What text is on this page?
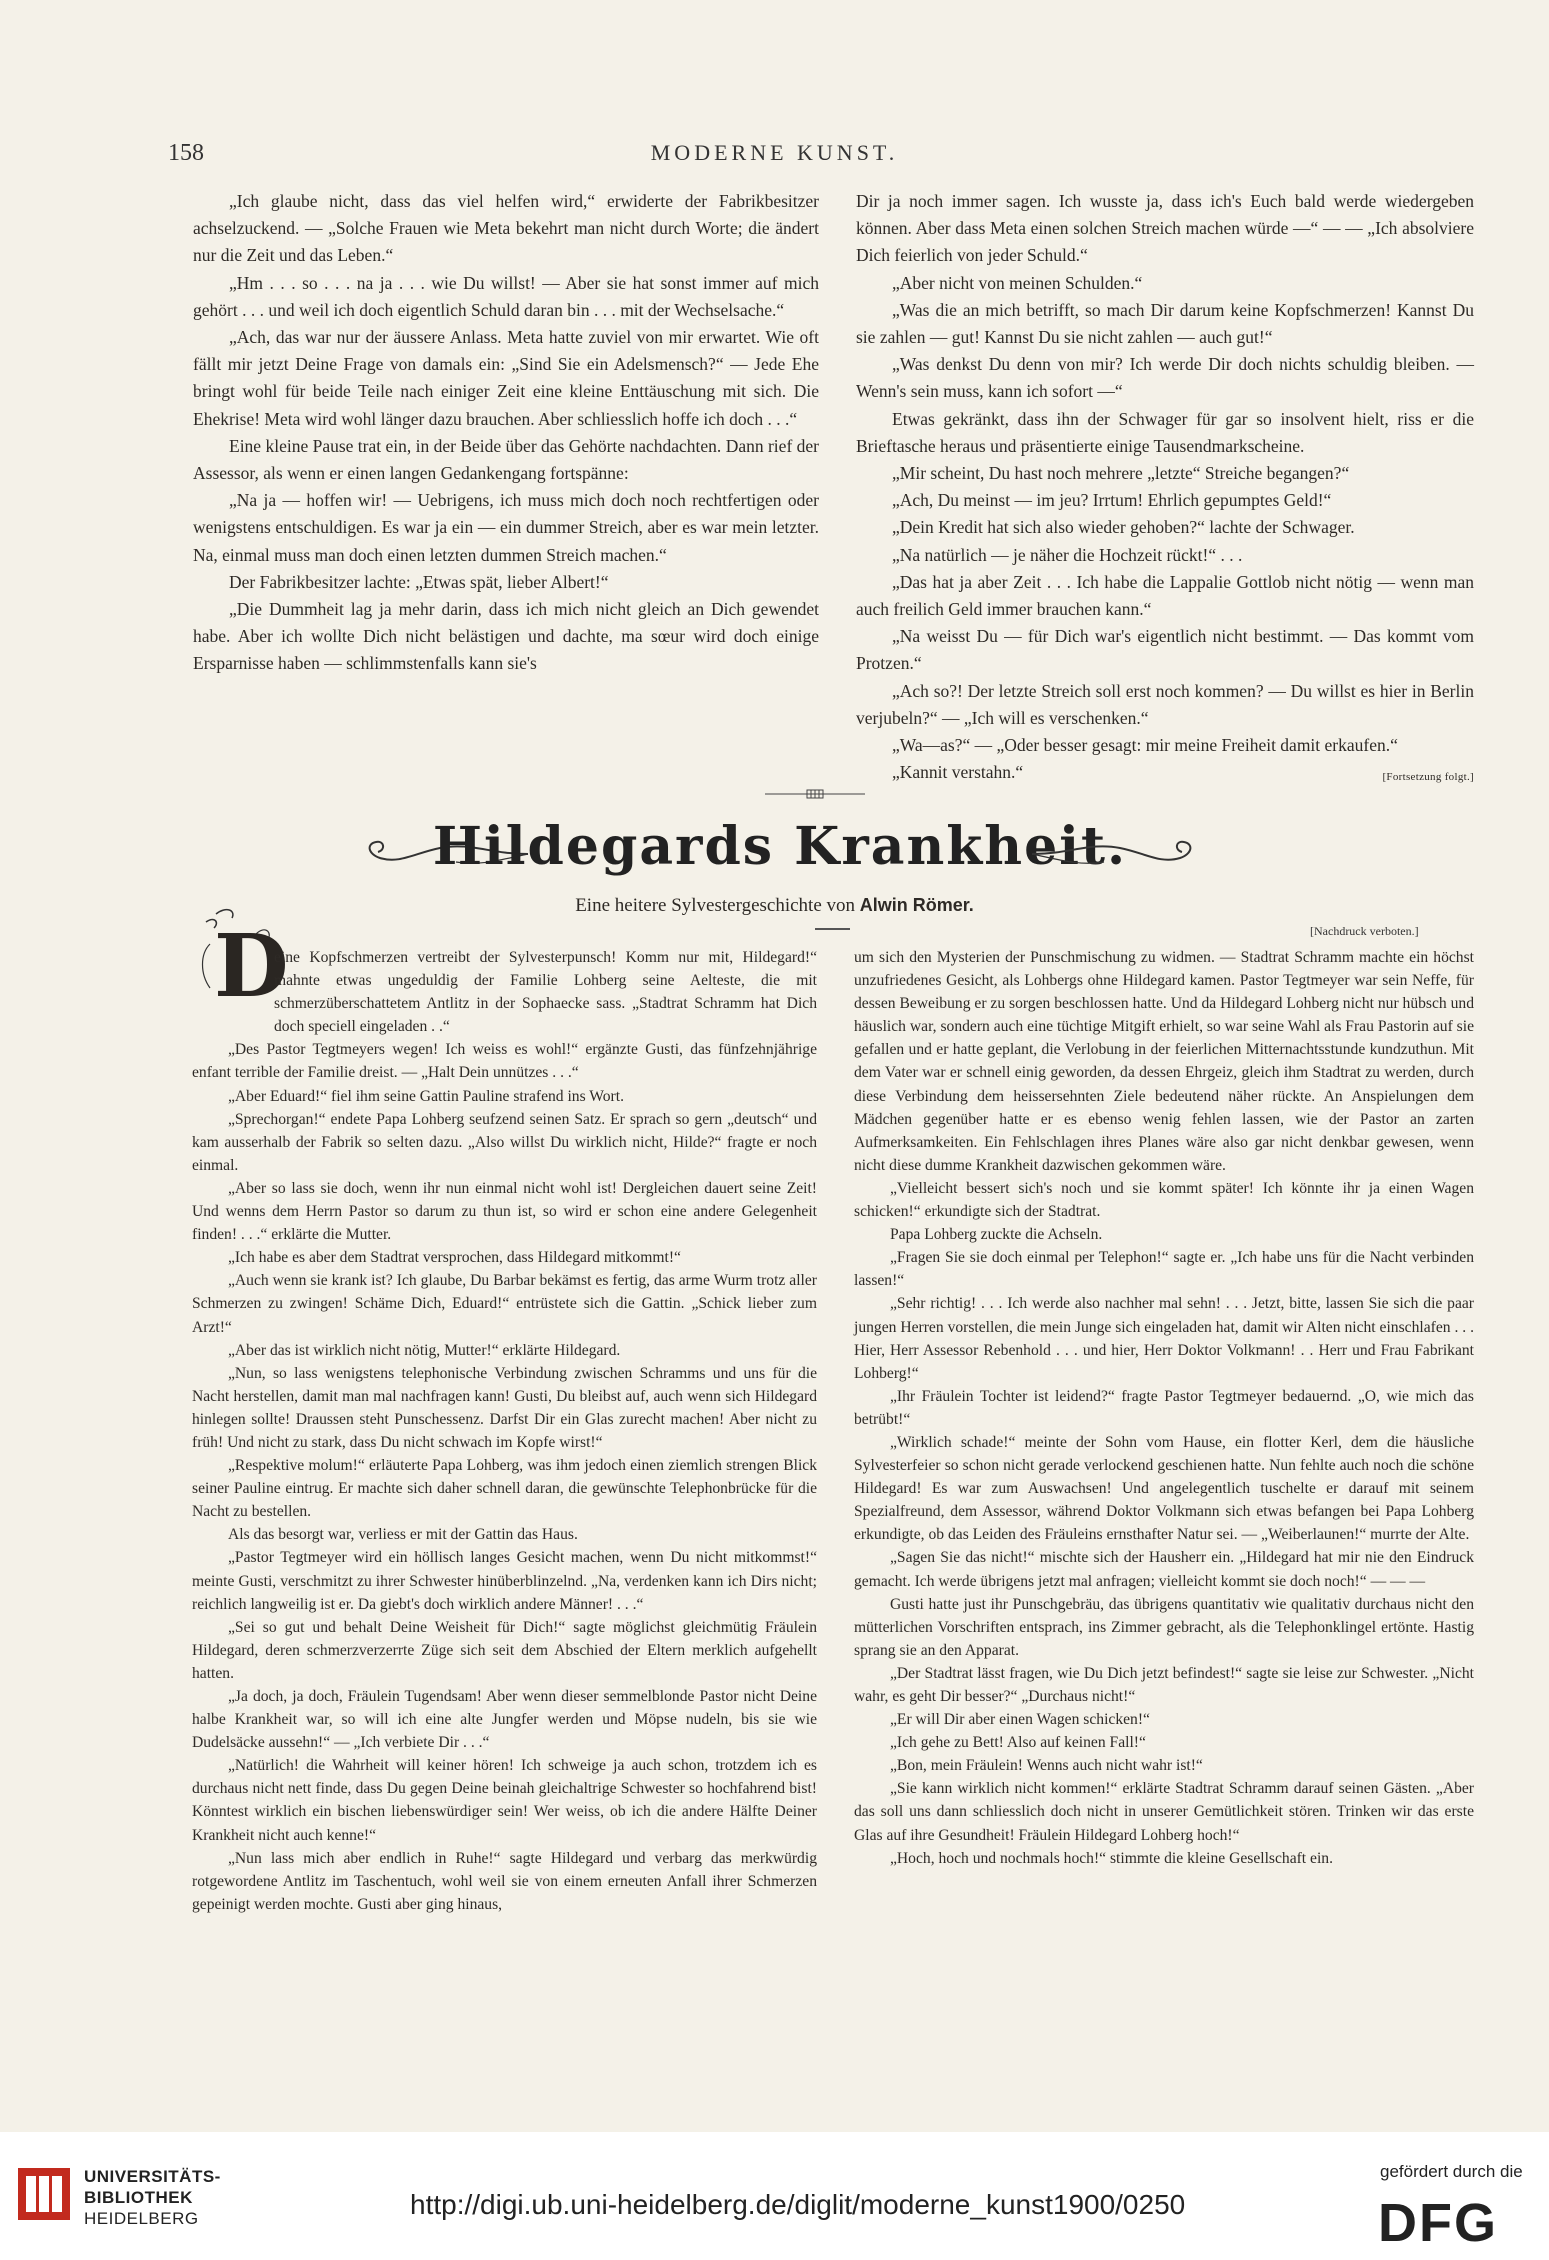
158	MODERNE KUNST.

„Ich glaube nicht, dass das viel helfen wird,“ erwiderte der Fabrikbesitzer achselzuckend. — „Solche Frauen wie Meta bekehrt man nicht durch Worte; die ändert nur die Zeit und das Leben.“

„Hm . . . so . . . na ja . . . wie Du willst! — Aber sie hat sonst immer auf mich gehört . . . und weil ich doch eigentlich Schuld daran bin . . . mit der Wechselsache.“

„Ach, das war nur der äussere Anlass. Meta hatte zuviel von mir erwartet. Wie oft fällt mir jetzt Deine Frage von damals ein: „Sind Sie ein Adelsmensch?“ — Jede Ehe bringt wohl für beide Teile nach einiger Zeit eine kleine Enttäuschung mit sich. Die Ehekrise! Meta wird wohl länger dazu brauchen. Aber schliesslich hoffe ich doch . . .“

Eine kleine Pause trat ein, in der Beide über das Gehörte nachdachten. Dann rief der Assessor, als wenn er einen langen Gedankengang fortspänne:

„Na ja — hoffen wir! — Uebrigens, ich muss mich doch noch rechtfertigen oder wenigstens entschuldigen. Es war ja ein — ein dummer Streich, aber es war mein letzter. Na, einmal muss man doch einen letzten dummen Streich machen.“

Der Fabrikbesitzer lachte: „Etwas spät, lieber Albert!“

„Die Dummheit lag ja mehr darin, dass ich mich nicht gleich an Dich gewendet habe. Aber ich wollte Dich nicht belästigen und dachte, ma sœur wird doch einige Ersparnisse haben — schlimmstenfalls kann sie's

Dir ja noch immer sagen. Ich wusste ja, dass ich's Euch bald werde wiedergeben können. Aber dass Meta einen solchen Streich machen würde —“ — — „Ich absolviere Dich feierlich von jeder Schuld.“

„Aber nicht von meinen Schulden.“

„Was die an mich betrifft, so mach Dir darum keine Kopfschmerzen! Kannst Du sie zahlen — gut! Kannst Du sie nicht zahlen — auch gut!“

„Was denkst Du denn von mir? Ich werde Dir doch nichts schuldig bleiben. — Wenn's sein muss, kann ich sofort —“

Etwas gekränkt, dass ihn der Schwager für gar so insolvent hielt, riss er die Brieftasche heraus und präsentierte einige Tausendmarkscheine.

„Mir scheint, Du hast noch mehrere „letzte“ Streiche begangen?“

„Ach, Du meinst — im jeu? Irrtum! Ehrlich gepumptes Geld!“

„Dein Kredit hat sich also wieder gehoben?“ lachte der Schwager.

„Na natürlich — je näher die Hochzeit rückt!“ . . .

„Das hat ja aber Zeit . . . Ich habe die Lappalie Gottlob nicht nötig — wenn man auch freilich Geld immer brauchen kann.“

„Na weisst Du — für Dich war's eigentlich nicht bestimmt. — Das kommt vom Protzen.“

„Ach so?! Der letzte Streich soll erst noch kommen? — Du willst es hier in Berlin verjubeln?“ — „Ich will es verschenken.“

„Wa—as?“ — „Oder besser gesagt: mir meine Freiheit damit erkaufen.“

„Kannit verstahn.“	[Fortsetzung folgt.]
Hildegards Krankheit.
Eine heitere Sylvestergeschichte von Alwin Römer.
[Nachdruck verboten.]
D

eine Kopfschmerzen vertreibt der Sylvesterpunsch! Komm nur mit, Hildegard!“ mahnte etwas ungeduldig der Familie Lohberg seine Aelteste, die mit schmerzüberschattetem Antlitz in der Sophaecke sass. „Stadtrat Schramm hat Dich doch speciell eingeladen . .“

„Des Pastor Tegtmeyers wegen! Ich weiss es wohl!“ ergänzte Gusti, das fünfzehnjährige enfant terrible der Familie dreist. — „Halt Dein unnützes . . .“

„Aber Eduard!“ fiel ihm seine Gattin Pauline strafend ins Wort.

„Sprechorgan!“ endete Papa Lohberg seufzend seinen Satz. Er sprach so gern „deutsch“ und kam ausserhalb der Fabrik so selten dazu. „Also willst Du wirklich nicht, Hilde?“ fragte er noch einmal.

„Aber so lass sie doch, wenn ihr nun einmal nicht wohl ist! Dergleichen dauert seine Zeit! Und wenns dem Herrn Pastor so darum zu thun ist, so wird er schon eine andere Gelegenheit finden! . . .“ erklärte die Mutter.

„Ich habe es aber dem Stadtrat versprochen, dass Hildegard mitkommt!“

„Auch wenn sie krank ist? Ich glaube, Du Barbar bekämst es fertig, das arme Wurm trotz aller Schmerzen zu zwingen! Schäme Dich, Eduard!“ entrüstete sich die Gattin. „Schick lieber zum Arzt!“

„Aber das ist wirklich nicht nötig, Mutter!“ erklärte Hildegard.

„Nun, so lass wenigstens telephonische Verbindung zwischen Schramms und uns für die Nacht herstellen, damit man mal nachfragen kann! Gusti, Du bleibst auf, auch wenn sich Hildegard hinlegen sollte! Draussen steht Punschessenz. Darfst Dir ein Glas zurecht machen! Aber nicht zu früh! Und nicht zu stark, dass Du nicht schwach im Kopfe wirst!“

„Respektive molum!“ erläuterte Papa Lohberg, was ihm jedoch einen ziemlich strengen Blick seiner Pauline eintrug. Er machte sich daher schnell daran, die gewünschte Telephonbrücke für die Nacht zu bestellen.

Als das besorgt war, verliess er mit der Gattin das Haus.

„Pastor Tegtmeyer wird ein höllisch langes Gesicht machen, wenn Du nicht mitkommst!“ meinte Gusti, verschmitzt zu ihrer Schwester hinüberblinzelnd. „Na, verdenken kann ich Dirs nicht; reichlich langweilig ist er. Da giebt's doch wirklich andere Männer! . . .“

„Sei so gut und behalt Deine Weisheit für Dich!“ sagte möglichst gleichmütig Fräulein Hildegard, deren schmerzverzerrte Züge sich seit dem Abschied der Eltern merklich aufgehellt hatten.

„Ja doch, ja doch, Fräulein Tugendsam! Aber wenn dieser semmelblonde Pastor nicht Deine halbe Krankheit war, so will ich eine alte Jungfer werden und Möpse nudeln, bis sie wie Dudelsäcke aussehn!“ — „Ich verbiete Dir . . .“

„Natürlich! die Wahrheit will keiner hören! Ich schweige ja auch schon, trotzdem ich es durchaus nicht nett finde, dass Du gegen Deine beinah gleichaltrige Schwester so hochfahrend bist! Könntest wirklich ein bischen liebenswürdiger sein! Wer weiss, ob ich die andere Hälfte Deiner Krankheit nicht auch kenne!“

„Nun lass mich aber endlich in Ruhe!“ sagte Hildegard und verbarg das merkwürdig rotgewordene Antlitz im Taschentuch, wohl weil sie von einem erneuten Anfall ihrer Schmerzen gepeinigt werden mochte. Gusti aber ging hinaus,

um sich den Mysterien der Punschmischung zu widmen. — Stadtrat Schramm machte ein höchst unzufriedenes Gesicht, als Lohbergs ohne Hildegard kamen. Pastor Tegtmeyer war sein Neffe, für dessen Beweibung er zu sorgen beschlossen hatte. Und da Hildegard Lohberg nicht nur hübsch und häuslich war, sondern auch eine tüchtige Mitgift erhielt, so war seine Wahl als Frau Pastorin auf sie gefallen und er hatte geplant, die Verlobung in der feierlichen Mitternachtsstunde kundzuthun. Mit dem Vater war er schnell einig geworden, da dessen Ehrgeiz, gleich ihm Stadtrat zu werden, durch diese Verbindung dem heissersehnten Ziele bedeutend näher rückte. An Anspielungen dem Mädchen gegenüber hatte er es ebenso wenig fehlen lassen, wie der Pastor an zarten Aufmerksamkeiten. Ein Fehlschlagen ihres Planes wäre also gar nicht denkbar gewesen, wenn nicht diese dumme Krankheit dazwischen gekommen wäre.

„Vielleicht bessert sich's noch und sie kommt später! Ich könnte ihr ja einen Wagen schicken!“ erkundigte sich der Stadtrat.

Papa Lohberg zuckte die Achseln.

„Fragen Sie sie doch einmal per Telephon!“ sagte er. „Ich habe uns für die Nacht verbinden lassen!“

„Sehr richtig! . . . Ich werde also nachher mal sehn! . . . Jetzt, bitte, lassen Sie sich die paar jungen Herren vorstellen, die mein Junge sich eingeladen hat, damit wir Alten nicht einschlafen . . . Hier, Herr Assessor Rebenhold . . . und hier, Herr Doktor Volkmann! . . Herr und Frau Fabrikant Lohberg!“

„Ihr Fräulein Tochter ist leidend?“ fragte Pastor Tegtmeyer bedauernd. „O, wie mich das betrübt!“

„Wirklich schade!“ meinte der Sohn vom Hause, ein flotter Kerl, dem die häusliche Sylvesterfeier so schon nicht gerade verlockend geschienen hatte. Nun fehlte auch noch die schöne Hildegard! Es war zum Auswachsen! Und angelegentlich tuschelte er darauf mit seinem Spezialfreund, dem Assessor, während Doktor Volkmann sich etwas befangen bei Papa Lohberg erkundigte, ob das Leiden des Fräuleins ernsthafter Natur sei. — „Weiberlaunen!“ murrte der Alte.

„Sagen Sie das nicht!“ mischte sich der Hausherr ein. „Hildegard hat mir nie den Eindruck gemacht. Ich werde übrigens jetzt mal anfragen; vielleicht kommt sie doch noch!“ — — —

Gusti hatte just ihr Punschgebräu, das übrigens quantitativ wie qualitativ durchaus nicht den mütterlichen Vorschriften entsprach, ins Zimmer gebracht, als die Telephonklingel ertönte. Hastig sprang sie an den Apparat.

„Der Stadtrat lässt fragen, wie Du Dich jetzt befindest!“ sagte sie leise zur Schwester. „Nicht wahr, es geht Dir besser?“ „Durchaus nicht!“

„Er will Dir aber einen Wagen schicken!“

„Ich gehe zu Bett! Also auf keinen Fall!“

„Bon, mein Fräulein! Wenns auch nicht wahr ist!“

„Sie kann wirklich nicht kommen!“ erklärte Stadtrat Schramm darauf seinen Gästen. „Aber das soll uns dann schliesslich doch nicht in unserer Gemütlichkeit stören. Trinken wir das erste Glas auf ihre Gesundheit! Fräulein Hildegard Lohberg hoch!“

„Hoch, hoch und nochmals hoch!“ stimmte die kleine Gesellschaft ein.

UNIVERSITÄTS-
BIBLIOTHEK
HEIDELBERG	http://digi.ub.uni-heidelberg.de/diglit/moderne_kunst1900/0250
gefördert durch die
DFG
